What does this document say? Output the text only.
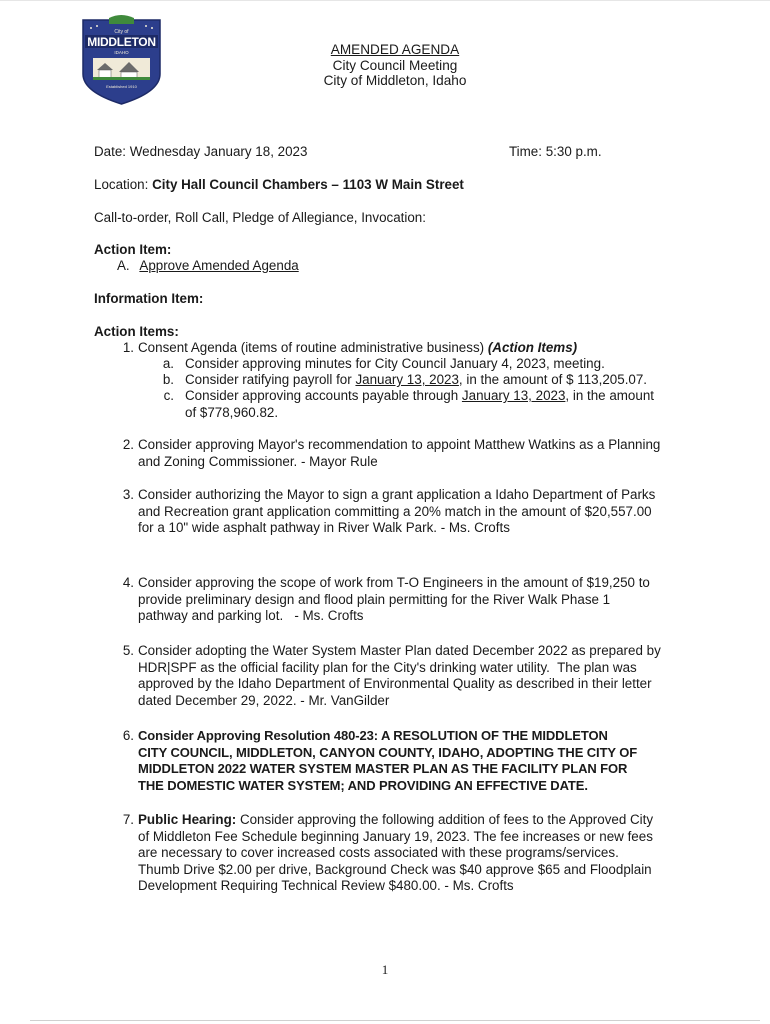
City of
MIDDLETON
IDAHO
Established 1910
AMENDED AGENDA
City Council Meeting
City of Middleton, Idaho
Date: Wednesday January 18, 2023	Time: 5:30 p.m.
Location: City Hall Council Chambers – 1103 W Main Street
Call-to-order, Roll Call, Pledge of Allegiance, Invocation:
Action Item:
A. Approve Amended Agenda
Information Item:
Action Items:
1. Consent Agenda (items of routine administrative business) (Action Items)
a. Consider approving minutes for City Council January 4, 2023, meeting.
b. Consider ratifying payroll for January 13, 2023, in the amount of $ 113,205.07.
c. Consider approving accounts payable through January 13, 2023, in the amount
of $778,960.82.
2. Consider approving Mayor's recommendation to appoint Matthew Watkins as a Planning
and Zoning Commissioner. - Mayor Rule
3. Consider authorizing the Mayor to sign a grant application a Idaho Department of Parks
and Recreation grant application committing a 20% match in the amount of $20,557.00
for a 10" wide asphalt pathway in River Walk Park. - Ms. Crofts
4. Consider approving the scope of work from T-O Engineers in the amount of $19,250 to
provide preliminary design and flood plain permitting for the River Walk Phase 1
pathway and parking lot.   - Ms. Crofts
5. Consider adopting the Water System Master Plan dated December 2022 as prepared by
HDR|SPF as the official facility plan for the City's drinking water utility.  The plan was
approved by the Idaho Department of Environmental Quality as described in their letter
dated December 29, 2022. - Mr. VanGilder
6. Consider Approving Resolution 480-23: A RESOLUTION OF THE MIDDLETON
CITY COUNCIL, MIDDLETON, CANYON COUNTY, IDAHO, ADOPTING THE CITY OF
MIDDLETON 2022 WATER SYSTEM MASTER PLAN AS THE FACILITY PLAN FOR
THE DOMESTIC WATER SYSTEM; AND PROVIDING AN EFFECTIVE DATE.
7. Public Hearing: Consider approving the following addition of fees to the Approved City
of Middleton Fee Schedule beginning January 19, 2023. The fee increases or new fees
are necessary to cover increased costs associated with these programs/services.
Thumb Drive $2.00 per drive, Background Check was $40 approve $65 and Floodplain
Development Requiring Technical Review $480.00. - Ms. Crofts
1
